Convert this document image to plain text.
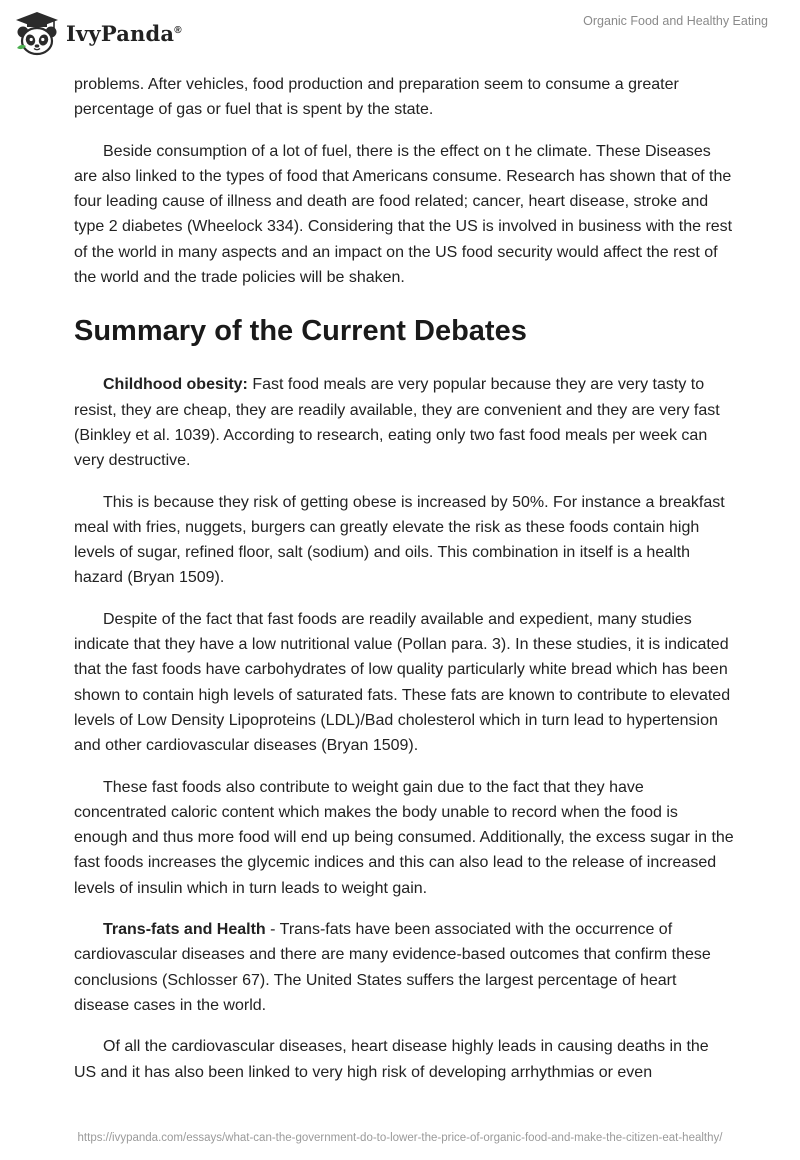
IvyPanda®
Organic Food and Healthy Eating

problems. After vehicles, food production and preparation seem to consume a greater percentage of gas or fuel that is spent by the state.

Beside consumption of a lot of fuel, there is the effect on t he climate. These Diseases are also linked to the types of food that Americans consume. Research has shown that of the four leading cause of illness and death are food related; cancer, heart disease, stroke and type 2 diabetes (Wheelock 334). Considering that the US is involved in business with the rest of the world in many aspects and an impact on the US food security would affect the rest of the world and the trade policies will be shaken.

Summary of the Current Debates

Childhood obesity: Fast food meals are very popular because they are very tasty to resist, they are cheap, they are readily available, they are convenient and they are very fast (Binkley et al. 1039). According to research, eating only two fast food meals per week can very destructive.

This is because they risk of getting obese is increased by 50%. For instance a breakfast meal with fries, nuggets, burgers can greatly elevate the risk as these foods contain high levels of sugar, refined floor, salt (sodium) and oils. This combination in itself is a health hazard (Bryan 1509).

Despite of the fact that fast foods are readily available and expedient, many studies indicate that they have a low nutritional value (Pollan para. 3). In these studies, it is indicated that the fast foods have carbohydrates of low quality particularly white bread which has been shown to contain high levels of saturated fats. These fats are known to contribute to elevated levels of Low Density Lipoproteins (LDL)/Bad cholesterol which in turn lead to hypertension and other cardiovascular diseases (Bryan 1509).

These fast foods also contribute to weight gain due to the fact that they have concentrated caloric content which makes the body unable to record when the food is enough and thus more food will end up being consumed. Additionally, the excess sugar in the fast foods increases the glycemic indices and this can also lead to the release of increased levels of insulin which in turn leads to weight gain.

Trans-fats and Health - Trans-fats have been associated with the occurrence of cardiovascular diseases and there are many evidence-based outcomes that confirm these conclusions (Schlosser 67). The United States suffers the largest percentage of heart disease cases in the world.

Of all the cardiovascular diseases, heart disease highly leads in causing deaths in the US and it has also been linked to very high risk of developing arrhythmias or even

https://ivypanda.com/essays/what-can-the-government-do-to-lower-the-price-of-organic-food-and-make-the-citizen-eat-healthy/
